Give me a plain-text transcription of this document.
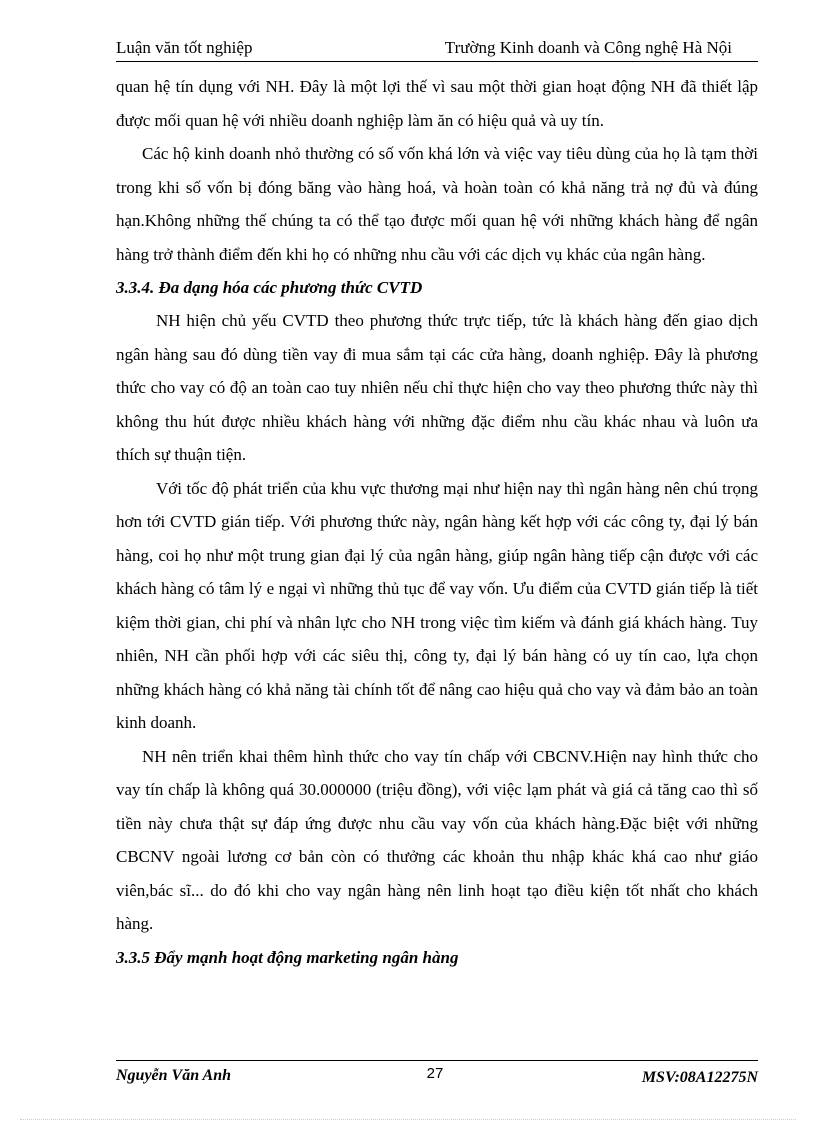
Luận văn tốt nghiệp	Trường Kinh doanh và Công nghệ Hà Nội

quan hệ tín dụng với NH. Đây là một lợi thế vì sau một thời gian hoạt động NH đã thiết lập được mối quan hệ với nhiều doanh nghiệp làm ăn có hiệu quả và uy tín.

Các hộ kinh doanh nhỏ thường có số vốn khá lớn và việc vay tiêu dùng của họ là tạm thời trong khi số vốn bị đóng băng vào hàng hoá, và hoàn toàn có khả năng trả nợ đủ và đúng hạn.Không những thế chúng ta có thể tạo được mối quan hệ với những khách hàng để ngân hàng trở thành điểm đến khi họ có những nhu cầu với các dịch vụ khác của ngân hàng.

3.3.4. Đa dạng hóa các phương thức CVTD

NH hiện chủ yếu CVTD theo phương thức trực tiếp, tức là khách hàng đến giao dịch ngân hàng sau đó dùng tiền vay đi mua sắm tại các cửa hàng, doanh nghiệp. Đây là phương thức cho vay có độ an toàn cao tuy nhiên nếu chỉ thực hiện cho vay theo phương thức này thì không thu hút được nhiều khách hàng với những đặc điểm nhu cầu khác nhau và luôn ưa thích sự thuận tiện.

Với tốc độ phát triển của khu vực thương mại như hiện nay thì ngân hàng nên chú trọng hơn tới CVTD gián tiếp. Với phương thức này, ngân hàng kết hợp với các công ty, đại lý bán hàng, coi họ như một trung gian đại lý của ngân hàng, giúp ngân hàng tiếp cận được với các khách hàng có tâm lý e ngại vì những thủ tục để vay vốn. Ưu điểm của CVTD gián tiếp là tiết kiệm thời gian, chi phí và nhân lực cho NH trong việc tìm kiếm và đánh giá khách hàng. Tuy nhiên, NH cần phối hợp với các siêu thị, công ty, đại lý bán hàng có uy tín cao, lựa chọn những khách hàng có khả năng tài chính tốt để nâng cao hiệu quả cho vay và đảm bảo an toàn kinh doanh.

NH nên triển khai thêm hình thức cho vay tín chấp với CBCNV.Hiện nay hình thức cho vay tín chấp là không quá 30.000000 (triệu đồng), với việc lạm phát và giá cả tăng cao thì số tiền này chưa thật sự đáp ứng được nhu cầu vay vốn của khách hàng.Đặc biệt với những CBCNV ngoài lương cơ bản còn có thưởng các khoản thu nhập khác khá cao như giáo viên,bác sĩ... do đó khi cho vay ngân hàng nên linh hoạt tạo điều kiện tốt nhất cho khách hàng.

3.3.5 Đẩy mạnh hoạt động marketing ngân hàng

Nguyễn Văn Anh	27	MSV:08A12275N
